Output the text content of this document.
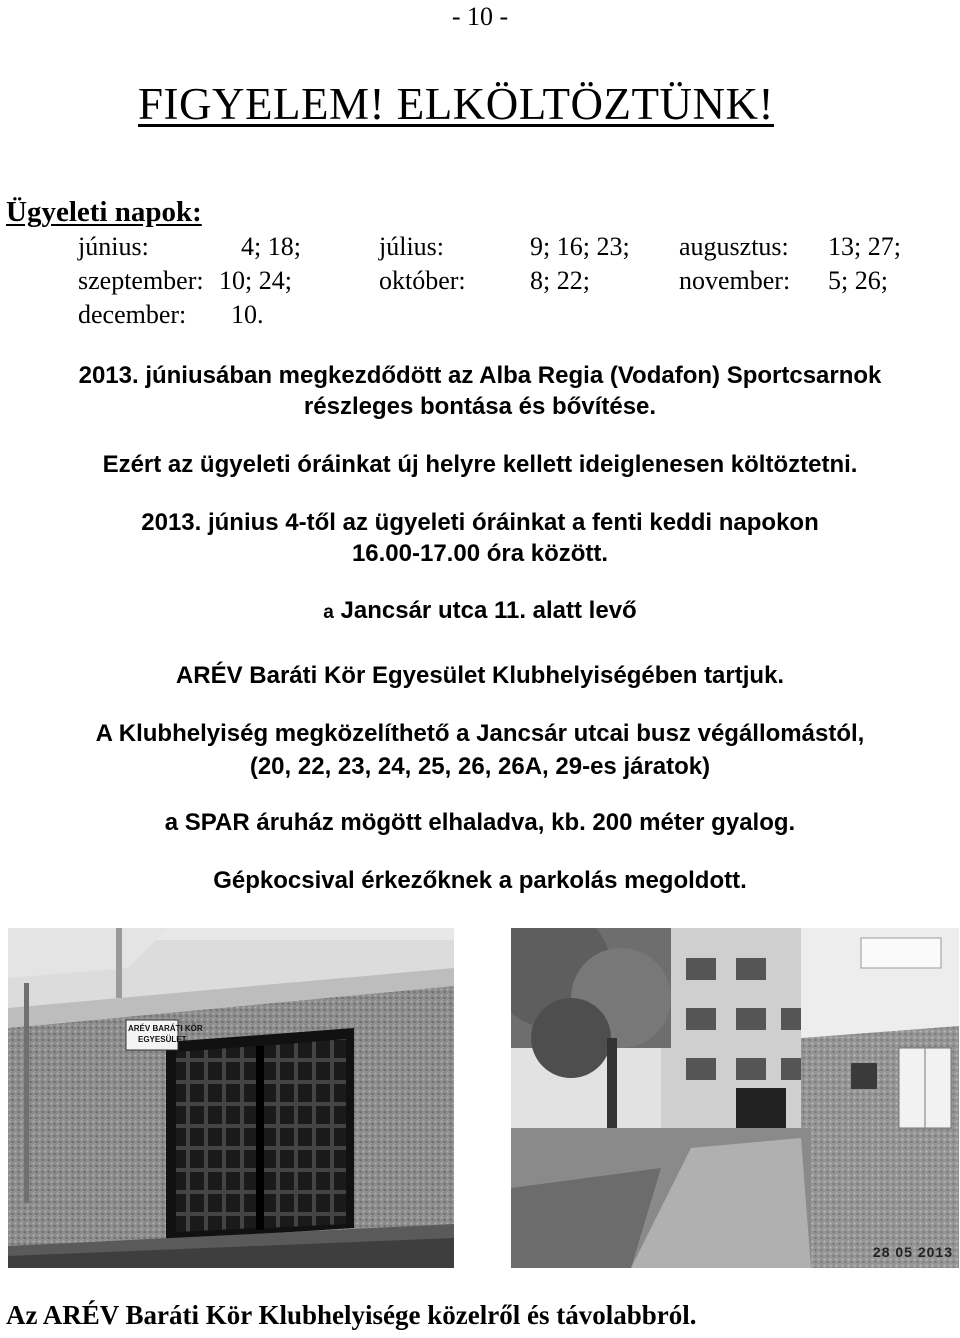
- 10 -
FIGYELEM! ELKÖLTÖZTÜNK!
Ügyeleti napok:
június:	4; 18;	július:	9; 16; 23; augusztus: 13; 27;
szeptember: 10; 24;	október: 8; 22;	november: 5; 26;
december: 10.
2013. júniusában megkezdődött az Alba Regia (Vodafon) Sportcsarnok
részleges bontása és bővítése.
Ezért az ügyeleti óráinkat új helyre kellett ideiglenesen költöztetni.
2013. június 4-től az ügyeleti óráinkat a fenti keddi napokon
16.00-17.00 óra között.
a Jancsár utca 11. alatt levő
ARÉV Baráti Kör Egyesület Klubhelyiségében tartjuk.
A Klubhelyiség megközelíthető a Jancsár utcai busz végállomástól,
(20, 22, 23, 24, 25, 26, 26A, 29-es járatok)
a SPAR áruház mögött elhaladva, kb. 200 méter gyalog.
Gépkocsival érkezőknek a parkolás megoldott.
ARÉV BARÁTI KÖR
EGYESÜLET
28 05 2013
Az ARÉV Baráti Kör Klubhelyisége közelről és távolabbról.
